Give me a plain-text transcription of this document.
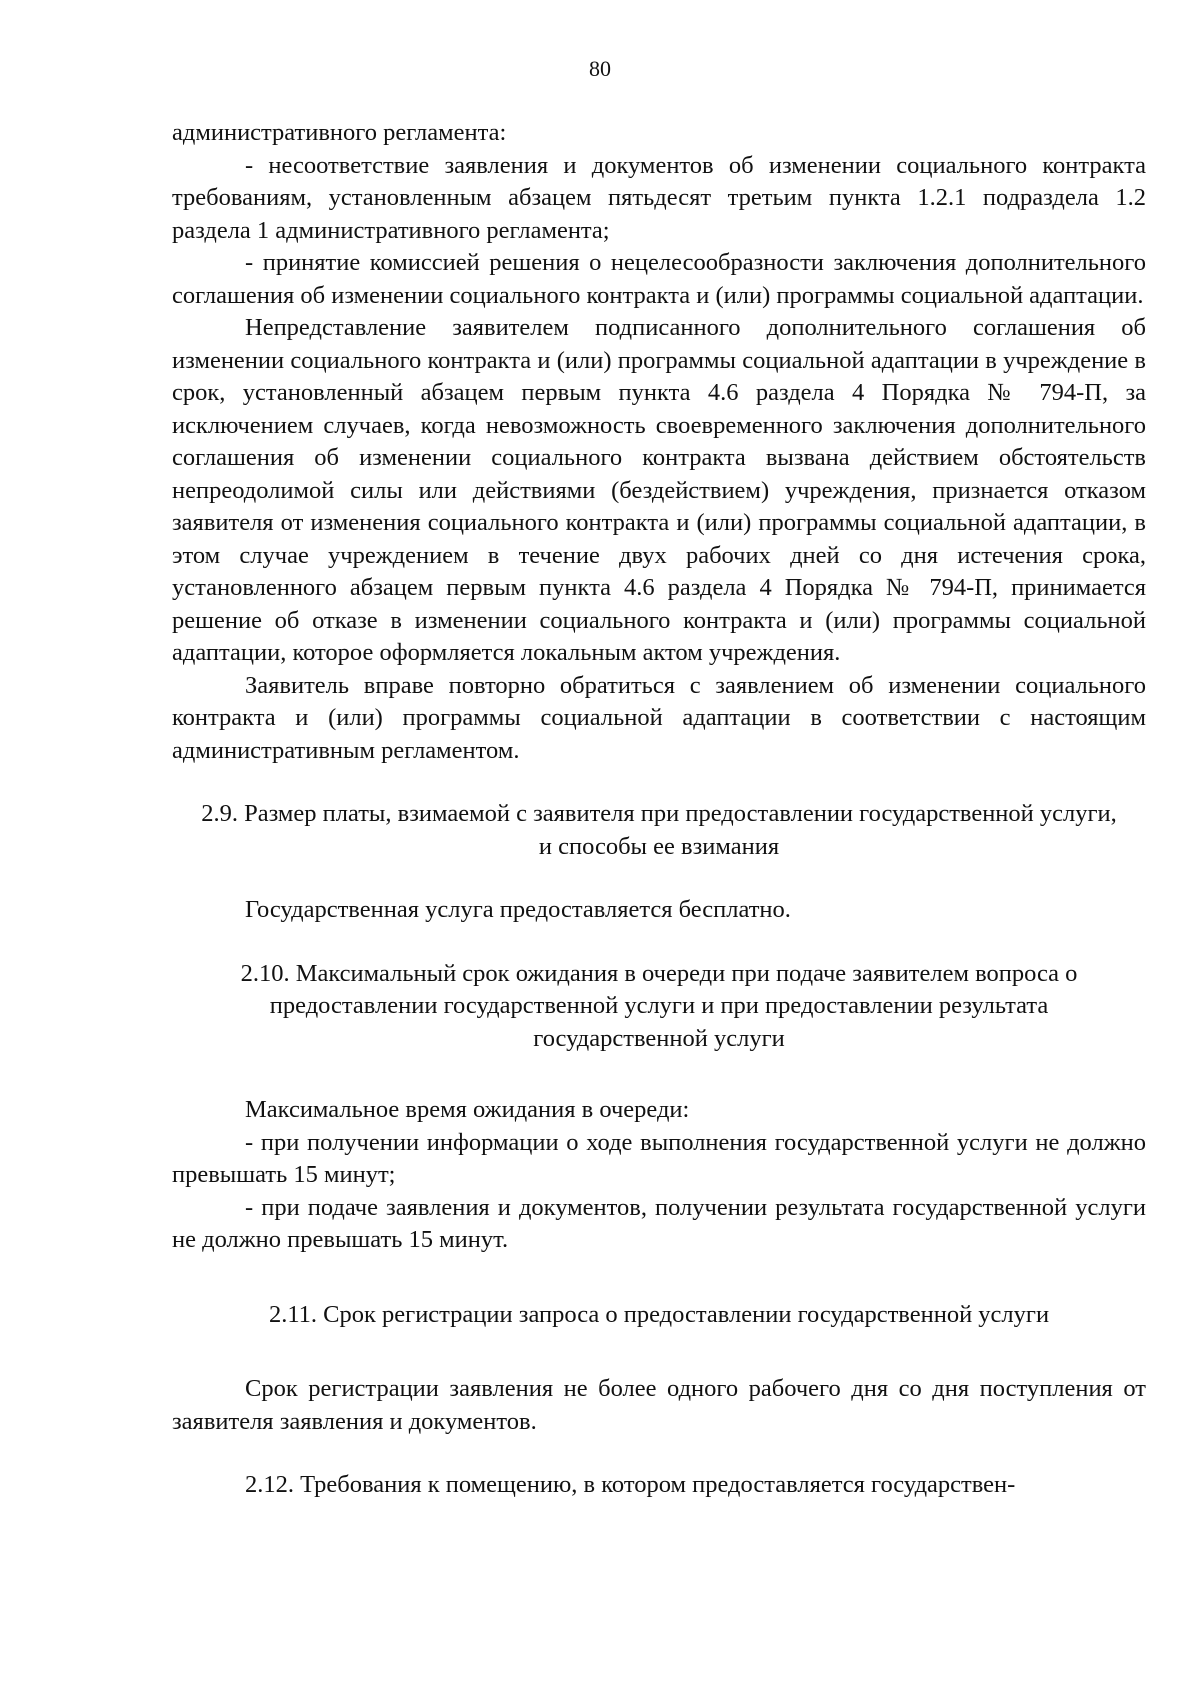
80

административного регламента:

- несоответствие заявления и документов об изменении социального контракта требованиям, установленным абзацем пятьдесят третьим пункта 1.2.1 подраздела 1.2 раздела 1 административного регламента;

- принятие комиссией решения о нецелесообразности заключения дополнительного соглашения об изменении социального контракта и (или) программы социальной адаптации.

Непредставление заявителем подписанного дополнительного соглашения об изменении социального контракта и (или) программы социальной адаптации в учреждение в срок, установленный абзацем первым пункта 4.6 раздела 4 Порядка № 794-П, за исключением случаев, когда невозможность своевременного заключения дополнительного соглашения об изменении социального контракта вызвана действием обстоятельств непреодолимой силы или действиями (бездействием) учреждения, признается отказом заявителя от изменения социального контракта и (или) программы социальной адаптации, в этом случае учреждением в течение двух рабочих дней со дня истечения срока, установленного абзацем первым пункта 4.6 раздела 4 Порядка № 794-П, принимается решение об отказе в изменении социального контракта и (или) программы социальной адаптации, которое оформляется локальным актом учреждения.

Заявитель вправе повторно обратиться с заявлением об изменении социального контракта и (или) программы социальной адаптации в соответствии с настоящим административным регламентом.

2.9. Размер платы, взимаемой с заявителя при предоставлении государственной услуги, и способы ее взимания

Государственная услуга предоставляется бесплатно.

2.10. Максимальный срок ожидания в очереди при подаче заявителем вопроса о предоставлении государственной услуги и при предоставлении результата государственной услуги

Максимальное время ожидания в очереди:

- при получении информации о ходе выполнения государственной услуги не должно превышать 15 минут;

- при подаче заявления и документов, получении результата государственной услуги не должно превышать 15 минут.

2.11. Срок регистрации запроса о предоставлении государственной услуги

Срок регистрации заявления не более одного рабочего дня со дня поступления от заявителя заявления и документов.

2.12. Требования к помещению, в котором предоставляется государствен-
